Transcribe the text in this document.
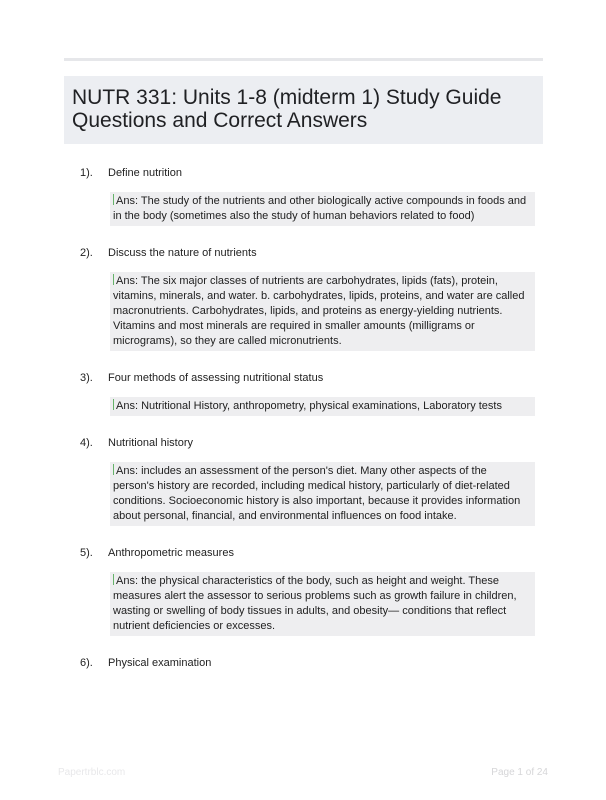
NUTR 331: Units 1-8 (midterm 1) Study Guide
Questions and Correct Answers
1).	Define nutrition
Ans: The study of the nutrients and other biologically active compounds in foods and in the body (sometimes also the study of human behaviors related to food)
2).	Discuss the nature of nutrients
Ans: The six major classes of nutrients are carbohydrates, lipids (fats), protein, vitamins, minerals, and water. b. carbohydrates, lipids, proteins, and water are called macronutrients. Carbohydrates, lipids, and proteins as energy-yielding nutrients. Vitamins and most minerals are required in smaller amounts (milligrams or micrograms), so they are called micronutrients.
3).	Four methods of assessing nutritional status
Ans: Nutritional History, anthropometry, physical examinations, Laboratory tests
4).	Nutritional history
Ans: includes an assessment of the person's diet. Many other aspects of the person's history are recorded, including medical history, particularly of diet-related conditions. Socioeconomic history is also important, because it provides information about personal, financial, and environmental influences on food intake.
5).	Anthropometric measures
Ans: the physical characteristics of the body, such as height and weight. These measures alert the assessor to serious problems such as growth failure in children, wasting or swelling of body tissues in adults, and obesity— conditions that reflect nutrient deficiencies or excesses.
6).	Physical examination
Papertrblc.com	Page 1 of 24
